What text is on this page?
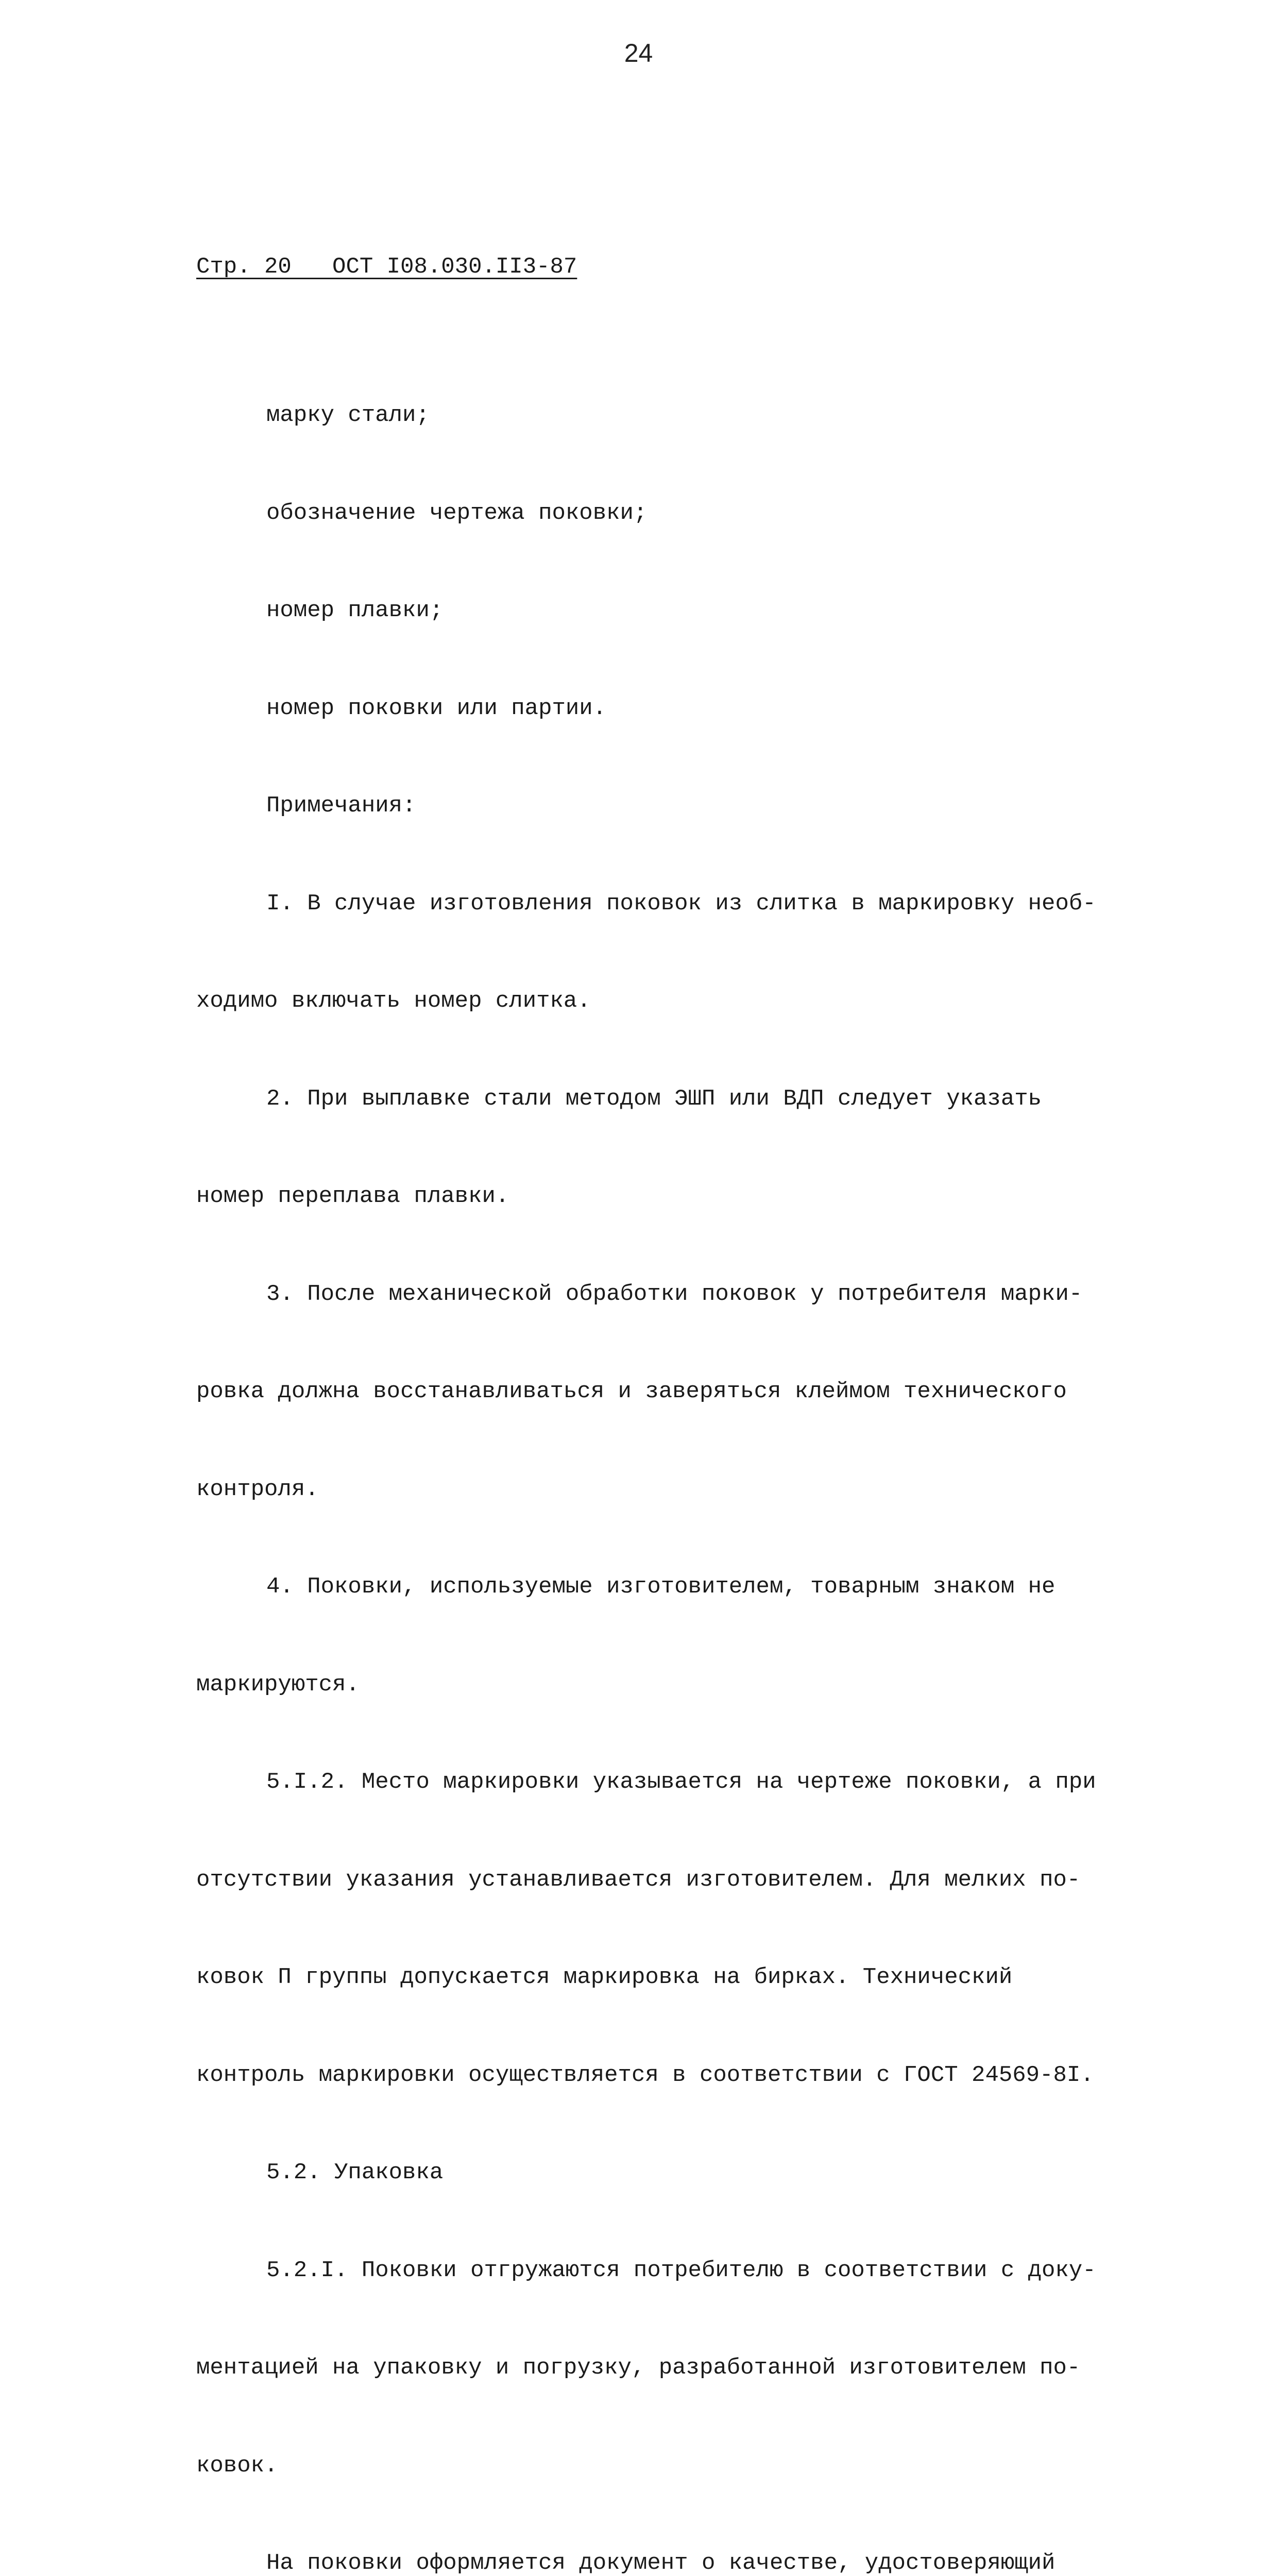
24
Стр. 20   ОСТ I08.030.II3-87

марку стали;

обозначение чертежа поковки;

номер плавки;

номер поковки или партии.

Примечания:

I. В случае изготовления поковок из слитка в маркировку необ-

ходимо включать номер слитка.

2. При выплавке стали методом ЭШП или ВДП следует указать

номер переплава плавки.

3. После механической обработки поковок у потребителя марки-

ровка должна восстанавливаться и заверяться клеймом технического

контроля.

4. Поковки, используемые изготовителем, товарным знаком не

маркируются.

5.I.2. Место маркировки указывается на чертеже поковки, а при

отсутствии указания устанавливается изготовителем. Для мелких по-

ковок П группы допускается маркировка на бирках. Технический

контроль маркировки осуществляется в соответствии с ГОСТ 24569-8I.

5.2. Упаковка

5.2.I. Поковки отгружаются потребителю в соответствии с доку-

ментацией на упаковку и погрузку, разработанной изготовителем по-

ковок.

На поковки оформляется документ о качестве, удостоверяющий
